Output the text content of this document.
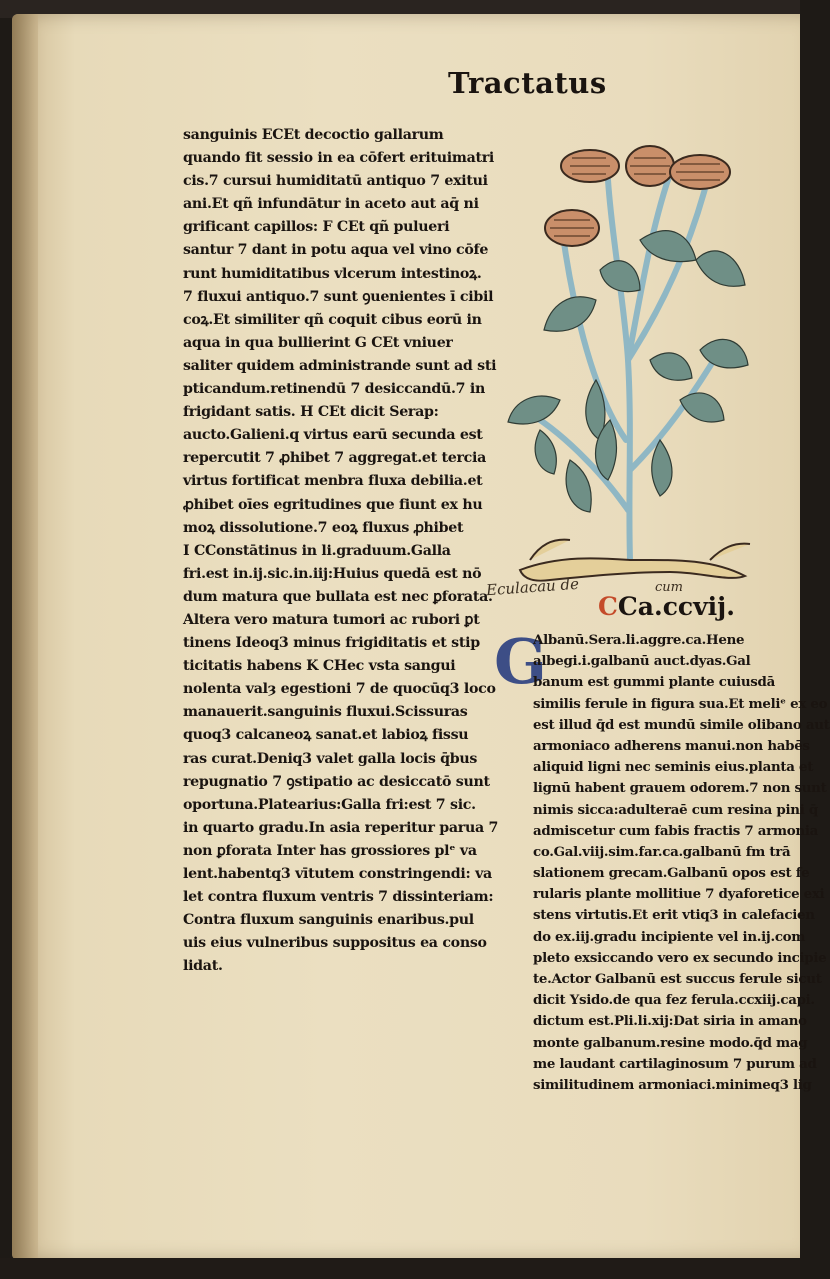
Tractatus
sanguinis ECEt decoctio gallarum
quando fit sessio in ea cōfert erituimatri
cis.7 cursui humiditatū antiquo 7 exitui
ani.Et qñ infundātur in aceto aut aq̄ ni
grificant capillos: F CEt qñ pulueri
santur 7 dant in potu aqua vel vino cōfe
runt humiditatibus vlcerum intestinoꝝ.
7 fluxui antiquo.7 sunt ꝯuenientes ī cibil
coꝝ.Et similiter qñ coquit cibus eorū in
aqua in qua bullierint G CEt vniuer
saliter quidem administrande sunt ad sti
pticandum.retinendū 7 desiccandū.7 in
frigidant satis. H CEt dicit Serap:
aucto.Galieni.q virtus earū secunda est
repercutit 7 ꝓhibet 7 aggregat.et tercia
virtus fortificat menbra fluxa debilia.et
ꝓhibet oīes egritudines que fiunt ex hu
moꝝ dissolutione.7 eoꝝ fluxus ꝓhibet
I CConstātinus in li.graduum.Galla
fri.est in.ij.sic.in.iij:Huius quedā est nō
dum matura que bullata est nec ꝑforata.
Altera vero matura tumori ac rubori ꝑt
tinens Ideoq3 minus frigiditatis et stip
ticitatis habens K CHec vsta sangui
nolenta valȝ egestioni 7 de quocūq3 loco
manauerit.sanguinis fluxui.Scissuras
quoq3 calcaneoꝝ sanat.et labioꝝ fissu
ras curat.Deniq3 valet galla locis q̄bus
repugnatio 7 ꝯstipatio ac desiccatō sunt
oportuna.Platearius:Galla fri:est 7 sic.
in quarto gradu.In asia reperitur parua 7
non ꝑforata Inter has grossiores plᵉ va
lent.habentq3 vītutem constringendi: va
let contra fluxum ventris 7 dissinteriam:
Contra fluxum sanguinis enaribus.pul
uis eius vulneribus suppositus ea conso
lidat.
Eculacau de	cum
CCa.ccvij.
G
Albanū.Sera.li.aggre.ca.Hene
albegi.i.galbanū auct.dyas.Gal
banum est gummi plante cuiusdā
similis ferule in figura sua.Et meliᵉ ex eo
est illud q̄d est mundū simile olibano aut
armoniaco adherens manui.non habēs
aliquid ligni nec seminis eius.planta et
lignū habent grauem odorem.7 non sunt
nimis sicca:adulteraē cum resina pini q̄
admiscetur cum fabis fractis 7 armonia
co.Gal.viij.sim.far.ca.galbanū fm trā
slationem grecam.Galbanū opos est fe
rularis plante mollitiue 7 dyaforetice exi
stens virtutis.Et erit vtiq3 in calefacien
do ex.iij.gradu incipiente vel in.ij.com
pleto exsiccando vero ex secundo incipie
te.Actor Galbanū est succus ferule sicut
dicit Ysido.de qua fez ferula.ccxiij.capi.
dictum est.Pli.li.xij:Dat siria in amano
monte galbanum.resine modo.q̄d mag
me laudant cartilaginosum 7 purum ad
similitudinem armoniaci.minimeq3 lig
